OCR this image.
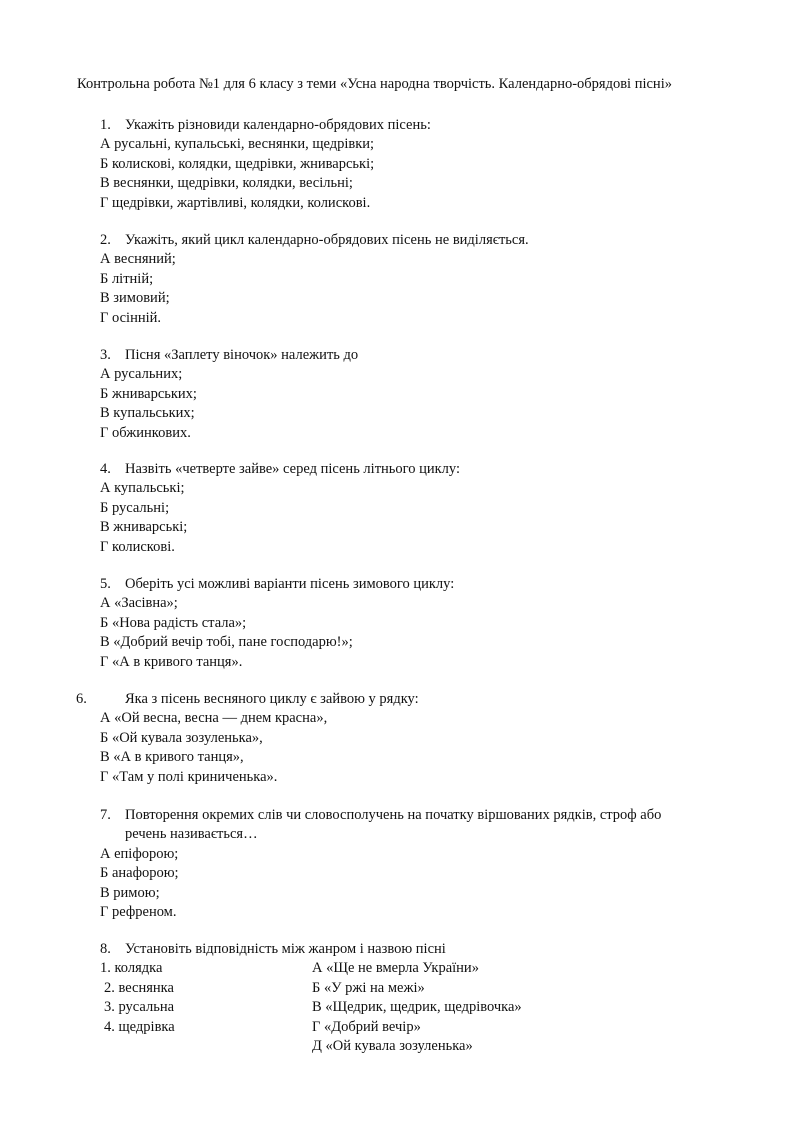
Контрольна робота №1 для 6 класу з теми «Усна народна творчість. Календарно-обрядові пісні»
1. Укажіть різновиди календарно-обрядових пісень:
А русальні, купальські, веснянки, щедрівки;
Б колискові, колядки, щедрівки, жниварські;
В веснянки, щедрівки, колядки, весільні;
Г щедрівки, жартівливі, колядки, колискові.
2. Укажіть, який цикл календарно-обрядових пісень не виділяється.
А весняний;
Б літній;
В зимовий;
Г осінній.
3. Пісня «Заплету віночок» належить до
А русальних;
Б жниварських;
В купальських;
Г обжинкових.
4. Назвіть «четверте зайве» серед пісень літнього циклу:
А купальські;
Б русальні;
В жниварські;
Г колискові.
5. Оберіть усі можливі варіанти пісень зимового циклу:
А «Засівна»;
Б «Нова радість стала»;
В «Добрий вечір тобі, пане господарю!»;
Г «А в кривого танця».
6.	Яка з пісень весняного циклу є зайвою у рядку:
А «Ой весна, весна — днем красна»,
Б «Ой кувала зозуленька»,
В «А в кривого танця»,
Г «Там у полі криниченька».
7. Повторення окремих слів чи словосполучень на початку віршованих рядків, строф або
речень називається…
А епіфорою;
Б анафорою;
В римою;
Г рефреном.
8. Установіть відповідність між жанром і назвою пісні
1. колядка	А «Ще не вмерла України»
2. веснянка	Б «У ржі на межі»
3. русальна	В «Щедрик, щедрик, щедрівочка»
4. щедрівка	Г «Добрий вечір»
Д «Ой кувала зозуленька»
